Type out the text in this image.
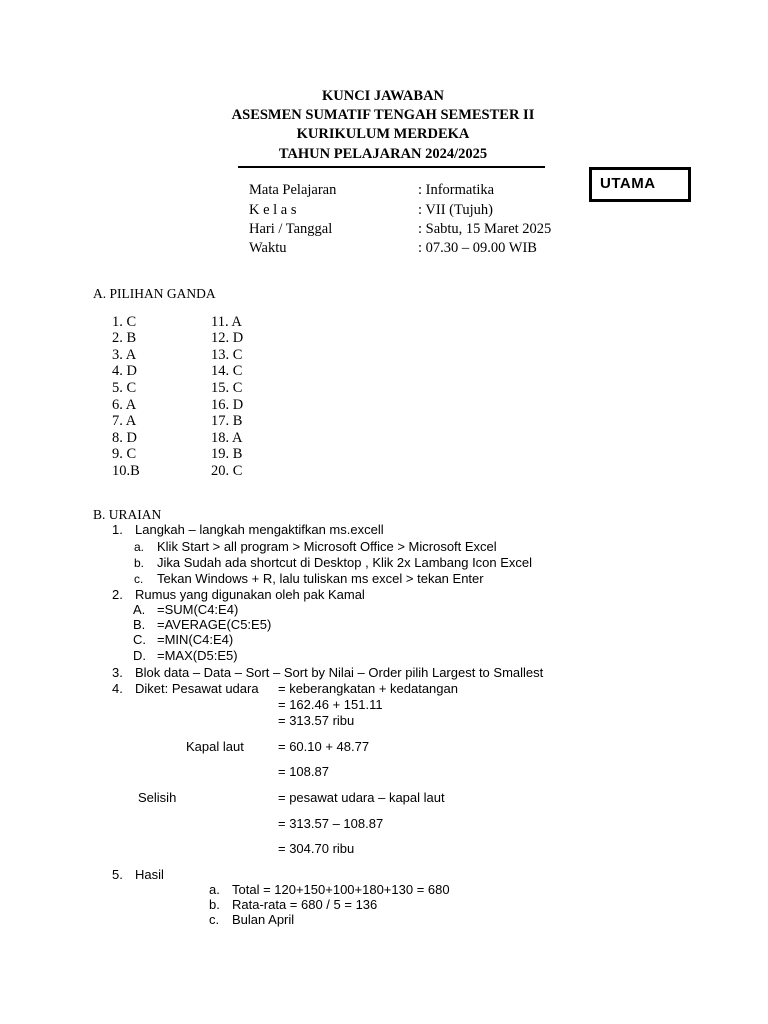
KUNCI JAWABAN
ASESMEN SUMATIF TENGAH SEMESTER II
KURIKULUM MERDEKA
TAHUN PELAJARAN 2024/2025
UTAMA
Mata Pelajaran	: Informatika
K e l a s	: VII (Tujuh)
Hari / Tanggal	: Sabtu, 15 Maret 2025
Waktu	: 07.30 – 09.00 WIB
A. PILIHAN GANDA
1. C
2. B
3. A
4. D
5. C
6. A
7. A
8. D
9. C
10.B
11. A
12. D
13. C
14. C
15. C
16. D
17. B
18. A
19. B
20. C
B. URAIAN
1. Langkah – langkah mengaktifkan ms.excell
a. Klik Start > all program > Microsoft Office > Microsoft Excel
b. Jika Sudah ada shortcut di Desktop , Klik 2x Lambang Icon Excel
c. Tekan Windows + R, lalu tuliskan ms excel > tekan Enter
2. Rumus yang digunakan oleh pak Kamal
A. =SUM(C4:E4)
B. =AVERAGE(C5:E5)
C. =MIN(C4:E4)
D. =MAX(D5:E5)
3. Blok data – Data – Sort – Sort by Nilai – Order pilih Largest to Smallest
4. Diket: Pesawat udara = keberangkatan + kedatangan
= 162.46 + 151.11
= 313.57 ribu
Kapal laut	= 60.10 + 48.77
= 108.87
Selisih	= pesawat udara – kapal laut
= 313.57 – 108.87
= 304.70 ribu
5. Hasil
a. Total = 120+150+100+180+130 = 680
b. Rata-rata = 680 / 5 = 136
c. Bulan April
